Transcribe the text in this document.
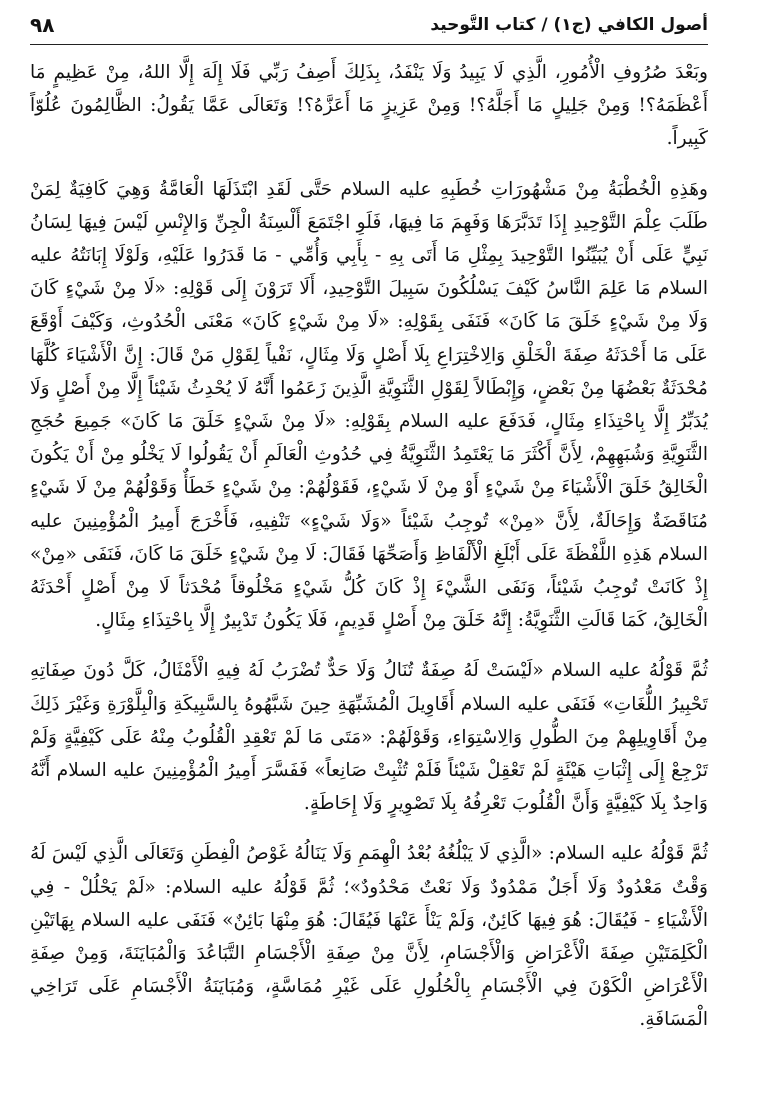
أصول الكافي (ج١) / كتاب التَّوحيد
٩٨

وبَعْدَ صُرُوفِ الْأُمُورِ، الَّذِي لَا يَبِيدُ وَلَا يَنْفَدُ، بِذَلِكَ أَصِفُ رَبِّي فَلَا إِلَهَ إِلَّا اللهُ، مِنْ عَظِيمٍ مَا أَعْظَمَهُ؟! وَمِنْ جَلِيلٍ مَا أَجَلَّهُ؟! وَمِنْ عَزِيزٍ مَا أَعَزَّهُ؟! وَتَعَالَى عَمَّا يَقُولُ: الظَّالِمُونَ عُلُوّاً كَبِيراً.

وهَذِهِ الْخُطْبَةُ مِنْ مَشْهُورَاتِ خُطَبِهِ عليه السلام حَتَّى لَقَدِ ابْتَذَلَهَا الْعَامَّةُ وَهِيَ كَافِيَةٌ لِمَنْ طَلَبَ عِلْمَ التَّوْحِيدِ إِذَا تَدَبَّرَهَا وَفَهِمَ مَا فِيهَا، فَلَوِ اجْتَمَعَ أَلْسِنَةُ الْجِنِّ وَالإِنْسِ لَيْسَ فِيهَا لِسَانُ نَبِيٍّ عَلَى أَنْ يُبَيِّنُوا التَّوْحِيدَ بِمِثْلِ مَا أَتَى بِهِ - بِأَبِي وَأُمِّي - مَا قَدَرُوا عَلَيْهِ، وَلَوْلَا إِبَانَتُهُ عليه السلام مَا عَلِمَ النَّاسُ كَيْفَ يَسْلُكُونَ سَبِيلَ التَّوْحِيدِ، أَلَا تَرَوْنَ إِلَى قَوْلِهِ: «لَا مِنْ شَيْءٍ كَانَ وَلَا مِنْ شَيْءٍ خَلَقَ مَا كَانَ» فَنَفَى بِقَوْلِهِ: «لَا مِنْ شَيْءٍ كَانَ» مَعْنَى الْحُدُوثِ، وَكَيْفَ أَوْقَعَ عَلَى مَا أَحْدَثَهُ صِفَةَ الْخَلْقِ وَالِاخْتِرَاعِ بِلَا أَصْلٍ وَلَا مِثَالٍ، نَفْياً لِقَوْلِ مَنْ قَالَ: إِنَّ الْأَشْيَاءَ كُلَّهَا مُحْدَثَةٌ بَعْضُهَا مِنْ بَعْضٍ، وَإِبْطَالاً لِقَوْلِ الثَّنَوِيَّةِ الَّذِينَ زَعَمُوا أَنَّهُ لَا يُحْدِثُ شَيْئاً إِلَّا مِنْ أَصْلٍ وَلَا يُدَبِّرُ إِلَّا بِاحْتِذَاءِ مِثَالٍ، فَدَفَعَ عليه السلام بِقَوْلِهِ: «لَا مِنْ شَيْءٍ خَلَقَ مَا كَانَ» جَمِيعَ حُجَجِ الثَّنَوِيَّةِ وَشُبَهِهِمْ، لِأَنَّ أَكْثَرَ مَا يَعْتَمِدُ الثَّنَوِيَّةُ فِي حُدُوثِ الْعَالَمِ أَنْ يَقُولُوا لَا يَخْلُو مِنْ أَنْ يَكُونَ الْخَالِقُ خَلَقَ الْأَشْيَاءَ مِنْ شَيْءٍ أَوْ مِنْ لَا شَيْءٍ، فَقَوْلُهُمْ: مِنْ شَيْءٍ خَطَأٌ وَقَوْلُهُمْ مِنْ لَا شَيْءٍ مُنَاقَضَةٌ وَإِحَالَةٌ، لِأَنَّ «مِنْ» تُوجِبُ شَيْئاً «وَلَا شَيْءٍ» تَنْفِيهِ، فَأَخْرَجَ أَمِيرُ الْمُؤْمِنِينَ عليه السلام هَذِهِ اللَّفْظَةَ عَلَى أَبْلَغِ الْأَلْفَاظِ وَأَصَحِّهَا فَقَالَ: لَا مِنْ شَيْءٍ خَلَقَ مَا كَانَ، فَنَفَى «مِنْ» إِذْ كَانَتْ تُوجِبُ شَيْئاً، وَنَفَى الشَّيْءَ إِذْ كَانَ كُلُّ شَيْءٍ مَخْلُوقاً مُحْدَثاً لَا مِنْ أَصْلٍ أَحْدَثَهُ الْخَالِقُ، كَمَا قَالَتِ الثَّنَوِيَّةُ: إِنَّهُ خَلَقَ مِنْ أَصْلٍ قَدِيمٍ، فَلَا يَكُونُ تَدْبِيرٌ إِلَّا بِاحْتِذَاءِ مِثَالٍ.

ثُمَّ قَوْلُهُ عليه السلام «لَيْسَتْ لَهُ صِفَةٌ تُنَالُ وَلَا حَدٌّ تُضْرَبُ لَهُ فِيهِ الْأَمْثَالُ، كَلَّ دُونَ صِفَاتِهِ تَحْبِيرُ اللُّغَاتِ» فَنَفَى عليه السلام أَقَاوِيلَ الْمُشَبِّهَةِ حِينَ شَبَّهُوهُ بِالسَّبِيكَةِ وَالْبِلَّوْرَةِ وَغَيْرَ ذَلِكَ مِنْ أَقَاوِيلِهِمْ مِنَ الطُّولِ وَالِاسْتِوَاءِ، وَقَوْلَهُمْ: «مَتَى مَا لَمْ تَعْقِدِ الْقُلُوبُ مِنْهُ عَلَى كَيْفِيَّةٍ وَلَمْ تَرْجِعْ إِلَى إِثْبَاتِ هَيْئَةٍ لَمْ تَعْقِلْ شَيْئاً فَلَمْ تُثْبِتْ صَانِعاً» فَفَسَّرَ أَمِيرُ الْمُؤْمِنِينَ عليه السلام أَنَّهُ وَاحِدٌ بِلَا كَيْفِيَّةٍ وَأَنَّ الْقُلُوبَ تَعْرِفُهُ بِلَا تَصْوِيرٍ وَلَا إِحَاطَةٍ.

ثُمَّ قَوْلُهُ عليه السلام: «الَّذِي لَا يَبْلُغُهُ بُعْدُ الْهِمَمِ وَلَا يَنَالُهُ غَوْصُ الْفِطَنِ وَتَعَالَى الَّذِي لَيْسَ لَهُ وَقْتٌ مَعْدُودٌ وَلَا أَجَلٌ مَمْدُودٌ وَلَا نَعْتٌ مَحْدُودٌ»؛ ثُمَّ قَوْلُهُ عليه السلام: «لَمْ يَحْلُلْ - فِي الْأَشْيَاءِ - فَيُقَالَ: هُوَ فِيهَا كَائِنٌ، وَلَمْ يَنْأَ عَنْهَا فَيُقَالَ: هُوَ مِنْهَا بَائِنٌ» فَنَفَى عليه السلام بِهَاتَيْنِ الْكَلِمَتَيْنِ صِفَةَ الْأَعْرَاضِ وَالْأَجْسَامِ، لِأَنَّ مِنْ صِفَةِ الْأَجْسَامِ التَّبَاعُدَ وَالْمُبَايَنَةَ، وَمِنْ صِفَةِ الْأَعْرَاضِ الْكَوْنَ فِي الْأَجْسَامِ بِالْحُلُولِ عَلَى غَيْرِ مُمَاسَّةٍ، وَمُبَايَنَةُ الْأَجْسَامِ عَلَى تَرَاخِي الْمَسَافَةِ.
